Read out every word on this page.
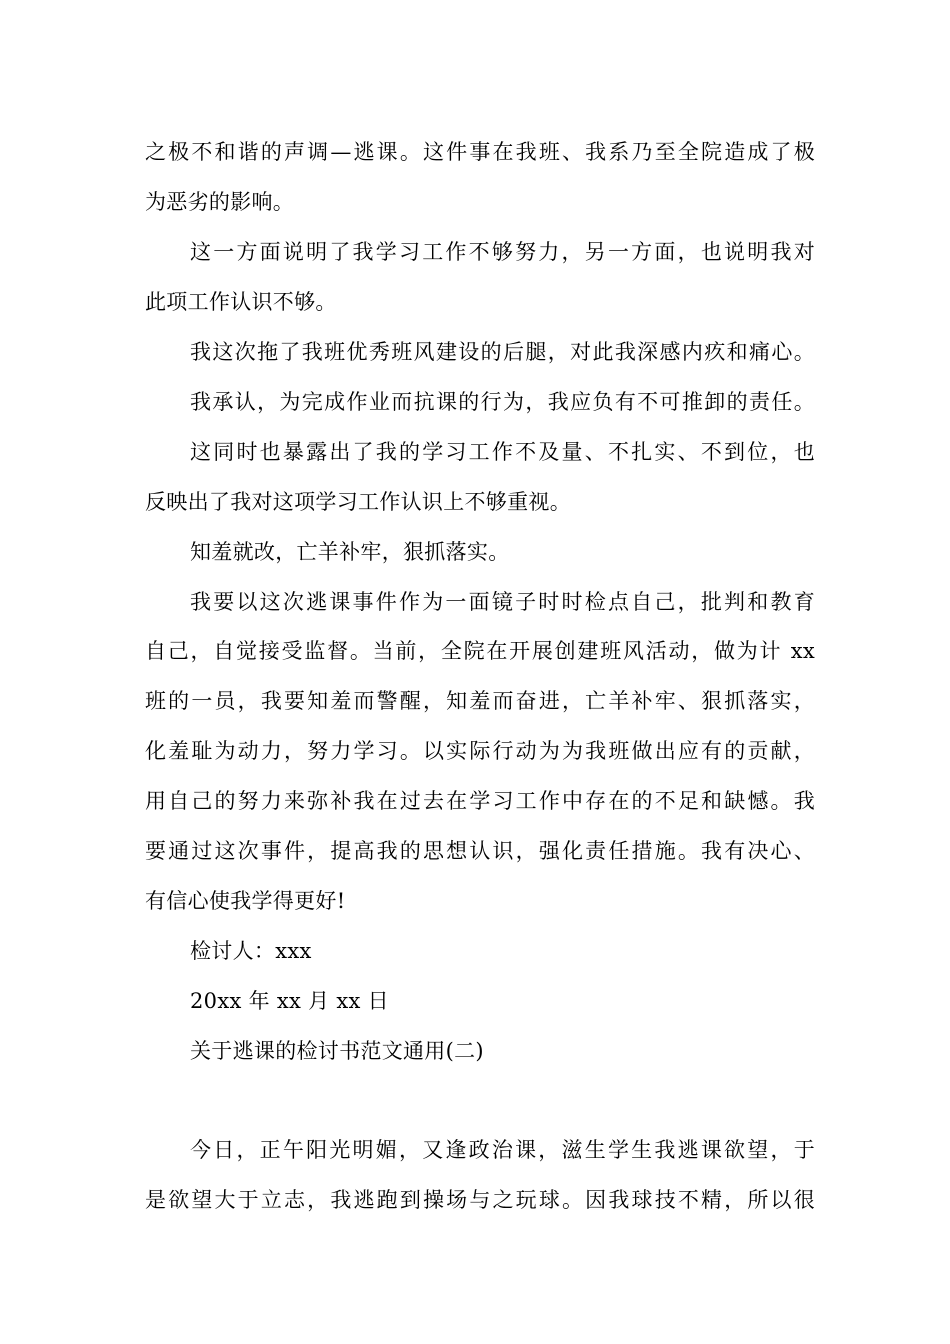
之极不和谐的声调—逃课。这件事在我班、我系乃至全院造成了极
为恶劣的影响。
这一方面说明了我学习工作不够努力，另一方面，也说明我对
此项工作认识不够。
我这次拖了我班优秀班风建设的后腿，对此我深感内疚和痛心。
我承认，为完成作业而抗课的行为，我应负有不可推卸的责任。
这同时也暴露出了我的学习工作不及量、不扎实、不到位，也
反映出了我对这项学习工作认识上不够重视。
知羞就改，亡羊补牢，狠抓落实。
我要以这次逃课事件作为一面镜子时时检点自己，批判和教育
自己，自觉接受监督。当前，全院在开展创建班风活动，做为计 xx
班的一员，我要知羞而警醒，知羞而奋进，亡羊补牢、狠抓落实，
化羞耻为动力，努力学习。以实际行动为为我班做出应有的贡献，
用自己的努力来弥补我在过去在学习工作中存在的不足和缺憾。我
要通过这次事件，提高我的思想认识，强化责任措施。我有决心、
有信心使我学得更好!
检讨人：xxx
20xx 年 xx 月 xx 日
关于逃课的检讨书范文通用(二)
今日，正午阳光明媚，又逢政治课，滋生学生我逃课欲望，于
是欲望大于立志，我逃跑到操场与之玩球。因我球技不精，所以很
